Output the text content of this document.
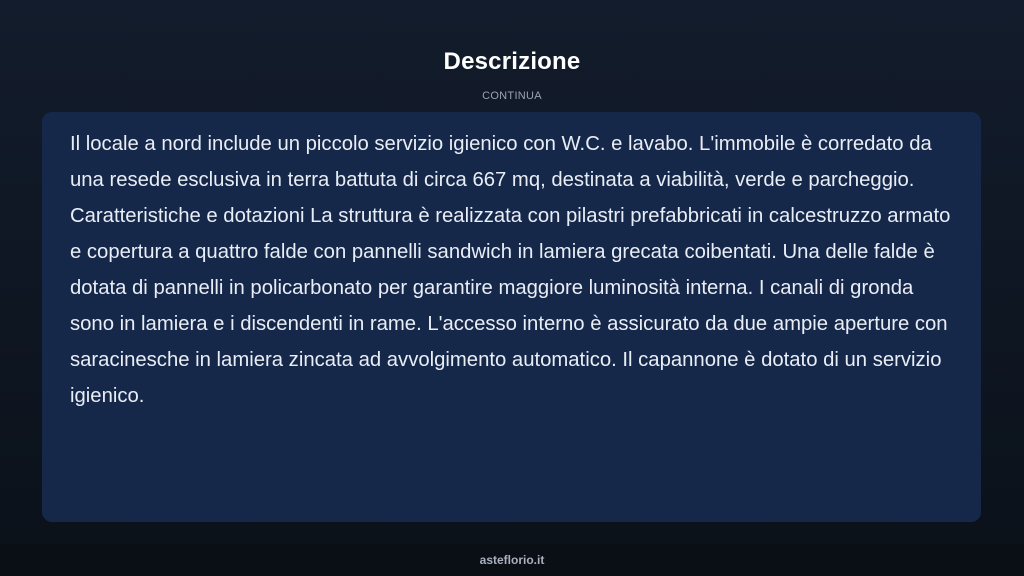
Descrizione
CONTINUA

Il locale a nord include un piccolo servizio igienico con W.C. e lavabo. L'immobile è corredato da una resede esclusiva in terra battuta di circa 667 mq, destinata a viabilità, verde e parcheggio. Caratteristiche e dotazioni La struttura è realizzata con pilastri prefabbricati in calcestruzzo armato e copertura a quattro falde con pannelli sandwich in lamiera grecata coibentati. Una delle falde è dotata di pannelli in policarbonato per garantire maggiore luminosità interna. I canali di gronda sono in lamiera e i discendenti in rame. L'accesso interno è assicurato da due ampie aperture con saracinesche in lamiera zincata ad avvolgimento automatico. Il capannone è dotato di un servizio igienico.

asteflorio.it
